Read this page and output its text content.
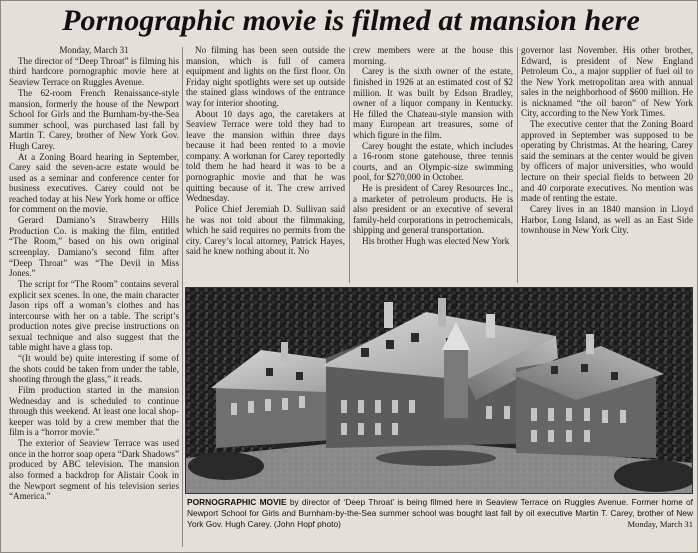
Pornographic movie is filmed at mansion here

Monday, March 31

The director of “Deep Throat” is filming his third hardcore pornographic movie here at Seaview Terrace on Ruggles Avenue.

The 62-room French Renaissance-style mansion, formerly the house of the Newport School for Girls and the Burnham-by-the-Sea summer school, was purchased last fall by Martin T. Carey, brother of New York Gov. Hugh Carey.

At a Zoning Board hearing in September, Carey said the seven-acre estate would be used as a seminar and conference center for business executives. Carey could not be reached today at his New York home or office for comment on the movie.

Gerard Damiano’s Strawberry Hills Production Co. is making the film, entitled “The Room,” based on his own original screenplay. Damiano’s second film after “Deep Throat” was “The Devil in Miss Jones.”

The script for “The Room” contains several explicit sex scenes. In one, the main character Jason rips off a woman’s clothes and has intercourse with her on a table. The script’s production notes give precise instructions on sexual technique and also suggest that the table might have a glass top.

“(It would be) quite interesting if some of the shots could be taken from under the table, shooting through the glass,” it reads.

Film production started in the mansion Wednesday and is scheduled to continue through this weekend. At least one local shop-keeper was told by a crew member that the film is a “horror movie.”

The exterior of Seaview Terrace was used once in the horror soap opera “Dark Shadows” produced by ABC television. The mansion also formed a backdrop for Alistair Cook in the Newport segment of his television series “America.”

No filming has been seen outside the mansion, which is full of camera equipment and lights on the first floor. On Friday night spotlights were set up outside the stained glass windows of the entrance way for interior shooting.

About 10 days ago, the caretakers at Seaview Terrace were told they had to leave the mansion within three days because it had been rented to a movie company. A workman for Carey reportedly told them he had heard it was to be a pornographic movie and that he was quitting because of it. The crew arrived Wednesday.

Police Chief Jeremiah D. Sullivan said he was not told about the filmmaking, which he said requires no permits from the city. Carey’s local attorney, Patrick Hayes, said he knew nothing about it. No

crew members were at the house this morning.

Carey is the sixth owner of the estate, finished in 1926 at an estimated cost of $2 million. It was built by Edson Bradley, owner of a liquor company in Kentucky. He filled the Chateau-style mansion with many European art treasures, some of which figure in the film.

Carey bought the estate, which includes a 16-room stone gatehouse, three tennis courts, and an Olympic-size swimming pool, for $270,000 in October.

He is president of Carey Resources Inc., a marketer of petroleum products. He is also president or an executive of several family-held corporations in petrochemicals, shipping and general transportation.

His brother Hugh was elected New York

governor last November. His other brother, Edward, is president of New England Petroleum Co., a major supplier of fuel oil to the New York metropolitan area with annual sales in the neighborhood of $600 million. He is nicknamed “the oil baron” of New York City, according to the New York Times.

The executive center that the Zoning Board approved in September was supposed to be operating by Christmas. At the hearing, Carey said the seminars at the center would be given by officers of major universities, who would lecture on their special fields to between 20 and 40 corporate executives. No mention was made of renting the estate.

Carey lives in an 1840 mansion in Lloyd Harbor, Long Island, as well as an East Side townhouse in New York City.

PORNOGRAPHIC MOVIE by director of ‘Deep Throat’ is being filmed here in Seaview Terrace on Ruggles Avenue. Former home of Newport School for Girls and Burnham-by-the-Sea summer school was bought last fall by oil executive Martin T. Carey, brother of New York Gov. Hugh Carey. (John Hopf photo)	Monday, March 31
